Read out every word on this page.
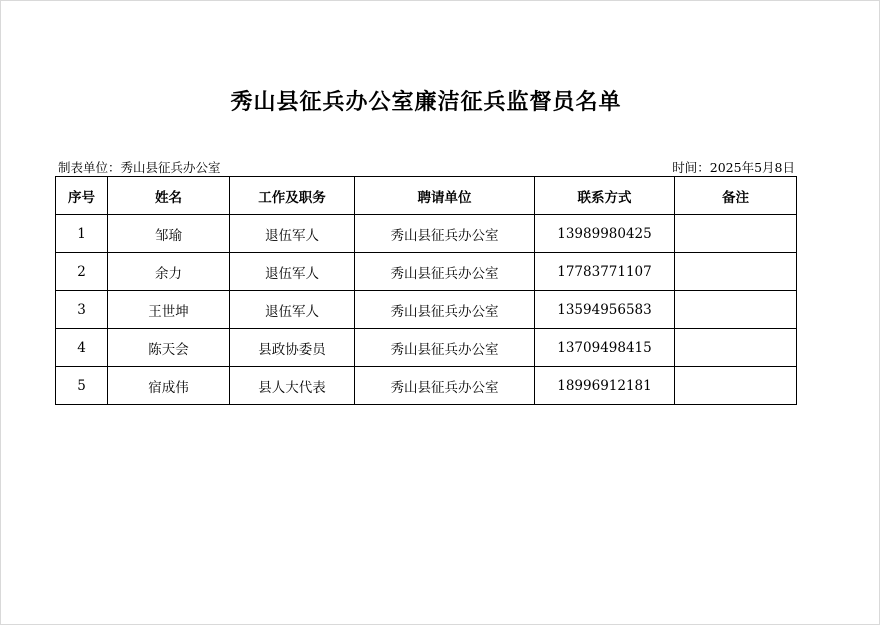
秀山县征兵办公室廉洁征兵监督员名单
制表单位：秀山县征兵办公室	时间：2025年5月8日
序号	姓名	工作及职务	聘请单位	联系方式	备注
1	邹瑜	退伍军人	秀山县征兵办公室	13989980425	
2	余力	退伍军人	秀山县征兵办公室	17783771107	
3	王世坤	退伍军人	秀山县征兵办公室	13594956583	
4	陈天会	县政协委员	秀山县征兵办公室	13709498415	
5	宿成伟	县人大代表	秀山县征兵办公室	18996912181	
